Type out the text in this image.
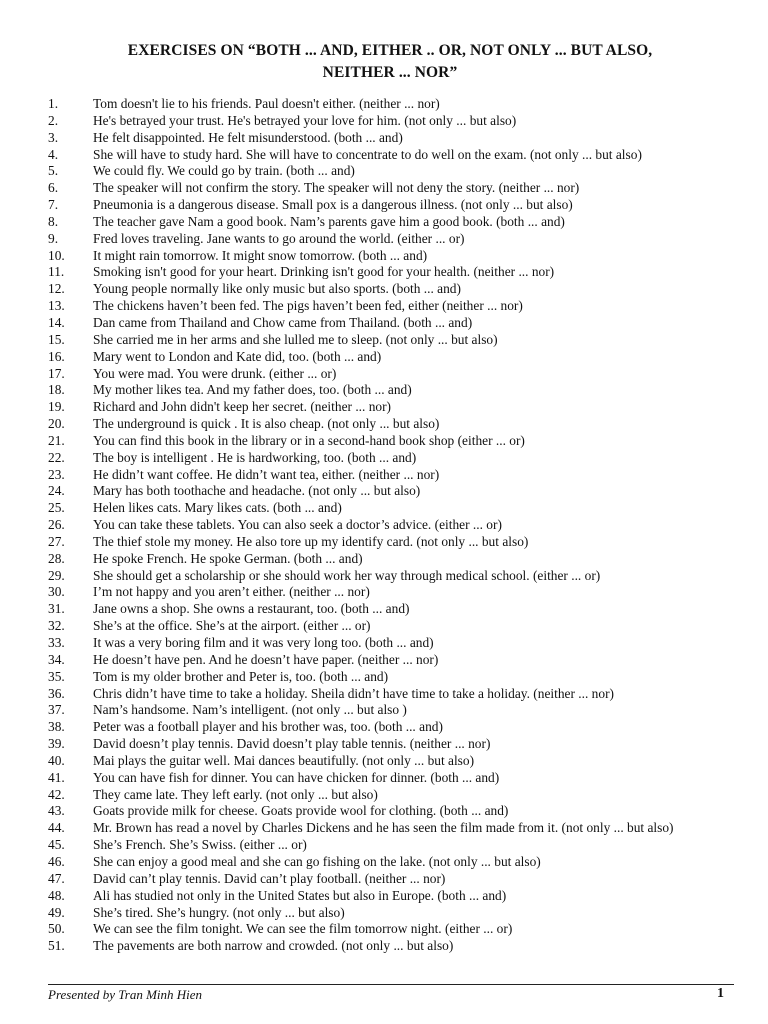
EXERCISES ON “BOTH ... AND, EITHER .. OR, NOT ONLY ... BUT ALSO,
NEITHER ... NOR”
1.	Tom doesn't lie to his friends. Paul doesn't either. (neither ... nor)
2.	He's betrayed your trust. He's betrayed your love for him. (not only ... but also)
3.	He felt disappointed. He felt misunderstood. (both ... and)
4.	She will have to study hard. She will have to concentrate to do well on the exam. (not only ... but also)
5.	We could fly. We could go by train. (both ... and)
6.	The speaker will not confirm the story. The speaker will not deny the story. (neither ... nor)
7.	Pneumonia is a dangerous disease. Small pox is a dangerous illness. (not only ... but also)
8.	The teacher gave Nam a good book. Nam’s parents gave him a good book. (both ... and)
9.	Fred loves traveling. Jane wants to go around the world. (either ... or)
10.	It might rain tomorrow. It might snow tomorrow. (both ... and)
11.	Smoking isn't good for your heart. Drinking isn't good for your health. (neither ... nor)
12.	Young people normally like only music but also sports. (both ... and)
13.	The chickens haven’t been fed. The pigs haven’t been fed, either (neither ... nor)
14.	Dan came from Thailand and Chow came from Thailand. (both ... and)
15.	She carried me in her arms and she lulled me to sleep. (not only ... but also)
16.	Mary went to London and Kate did, too. (both ... and)
17.	You were mad. You were drunk. (either ... or)
18.	My mother likes tea. And my father does, too. (both ... and)
19.	Richard and John didn't keep her secret. (neither ... nor)
20.	The underground is quick . It is also cheap. (not only ... but also)
21.	You can find this book in the library or in a second-hand book shop (either ... or)
22.	The boy is intelligent . He is hardworking, too. (both ... and)
23.	He didn’t want coffee. He didn’t want tea, either. (neither ... nor)
24.	Mary has both toothache and headache. (not only ... but also)
25.	Helen likes cats. Mary likes cats. (both ... and)
26.	You can take these tablets. You can also seek a doctor’s advice. (either ... or)
27.	The thief stole my money. He also tore up my identify card. (not only ... but also)
28.	He spoke French. He spoke German. (both ... and)
29.	She should get a scholarship or she should work her way through medical school. (either ... or)
30.	I’m not happy and you aren’t either. (neither ... nor)
31.	Jane owns a shop. She owns a restaurant, too. (both ... and)
32.	She’s at the office. She’s at the airport. (either ... or)
33.	It was a very boring film and it was very long too. (both ... and)
34.	He doesn’t have pen. And he doesn’t have paper. (neither ... nor)
35.	Tom is my older brother and Peter is, too. (both ... and)
36.	Chris didn’t have time to take a holiday. Sheila didn’t have time to take a holiday. (neither ... nor)
37.	Nam’s handsome. Nam’s intelligent. (not only ... but also )
38.	Peter was a football player and his brother was, too. (both ... and)
39.	David doesn’t play tennis. David doesn’t play table tennis. (neither ... nor)
40.	Mai plays the guitar well. Mai dances beautifully. (not only ... but also)
41.	You can have fish for dinner. You can have chicken for dinner. (both ... and)
42.	They came late. They left early. (not only ... but also)
43.	Goats provide milk for cheese. Goats provide wool for clothing. (both ... and)
44.	Mr. Brown has read a novel by Charles Dickens and he has seen the film made from it. (not only ... but also)
45.	She’s French. She’s Swiss. (either ... or)
46.	She can enjoy a good meal and she can go fishing on the lake. (not only ... but also)
47.	David can’t play tennis. David can’t play football. (neither ... nor)
48.	Ali has studied not only in the United States but also in Europe. (both ... and)
49.	She’s tired. She’s hungry. (not only ... but also)
50.	We can see the film tonight. We can see the film tomorrow night. (either ... or)
51.	The pavements are both narrow and crowded. (not only ... but also)
Presented by Tran Minh Hien	1
